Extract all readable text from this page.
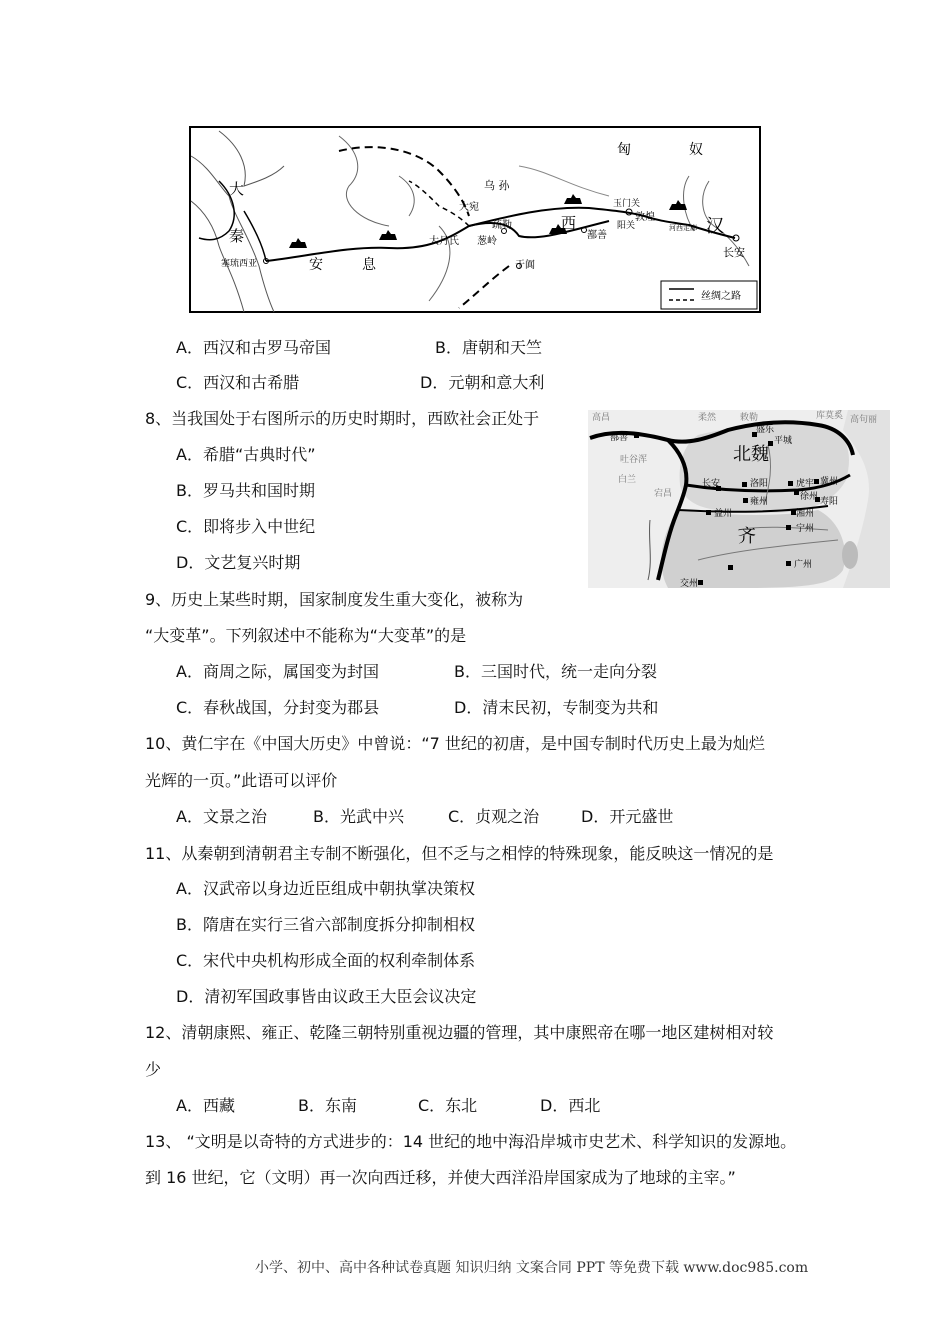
匈	奴
乌 孙
大宛
疏勒
大月氏 葱岭
于阗
西
鄯善
玉门关
敦煌
阳关	河西走廊 汉
长安
大
秦
塞琉西亚	安	息
丝绸之路
高昌	柔然	敕勒	库莫奚 高句丽
鄯善
盛乐
平城
吐谷浑	北魏
冀州
洛阳	虎牢
长安
徐州
白兰
宕昌
雍州	寿阳
益州
齐
湘州
宁州
广州
交州
A．西汉和古罗马帝国	B．唐朝和天竺
C．西汉和古希腊	D．元朝和意大利
8、当我国处于右图所示的历史时期时，西欧社会正处于
A．希腊“古典时代”
B．罗马共和国时期
C．即将步入中世纪
D．文艺复兴时期
9、历史上某些时期，国家制度发生重大变化，被称为
“大变革”。下列叙述中不能称为“大变革”的是
A．商周之际，属国变为封国	B．三国时代，统一走向分裂
C．春秋战国，分封变为郡县	D．清末民初，专制变为共和
10、黄仁宇在《中国大历史》中曾说：“7 世纪的初唐，是中国专制时代历史上最为灿烂
光辉的一页。”此语可以评价
A．文景之治	B．光武中兴	C．贞观之治	D．开元盛世
11、从秦朝到清朝君主专制不断强化，但不乏与之相悖的特殊现象，能反映这一情况的是
A．汉武帝以身边近臣组成中朝执掌决策权
B．隋唐在实行三省六部制度拆分抑制相权
C．宋代中央机构形成全面的权利牵制体系
D．清初军国政事皆由议政王大臣会议决定
12、清朝康熙、雍正、乾隆三朝特别重视边疆的管理，其中康熙帝在哪一地区建树相对较
少
A．西藏	B．东南	C．东北	D．西北
13、 “文明是以奇特的方式进步的：14 世纪的地中海沿岸城市史艺术、科学知识的发源地。
到 16 世纪，它（文明）再一次向西迁移，并使大西洋沿岸国家成为了地球的主宰。”
小学、初中、高中各种试卷真题 知识归纳 文案合同 PPT 等免费下载 www.doc985.com
